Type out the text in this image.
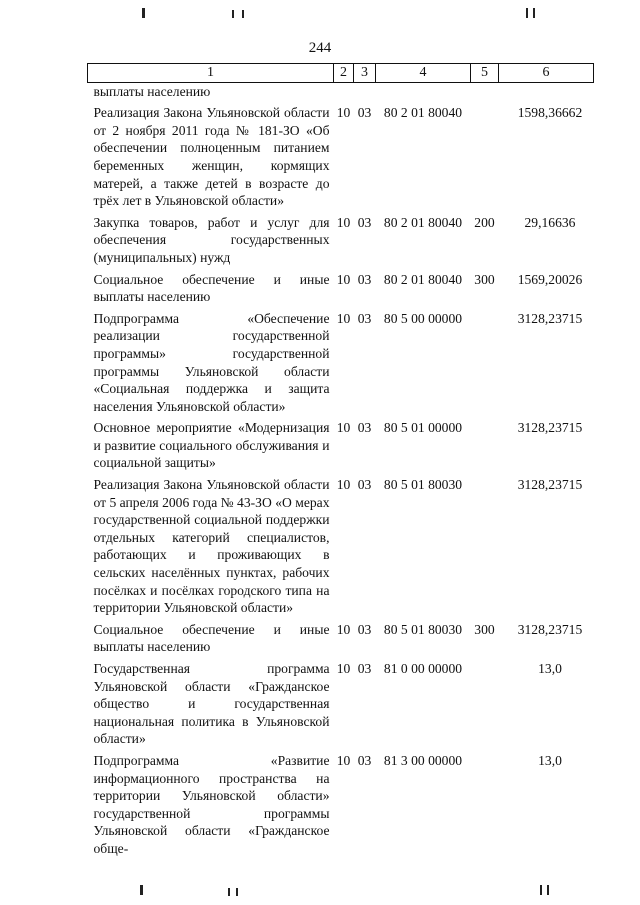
244
1	2	3	4	5	6
выплаты населению					
Реализация Закона Ульяновской области от 2 ноября 2011 года № 181-ЗО «Об обеспечении полноценным питанием беременных женщин, кормящих матерей, а также детей в возрасте до трёх лет в Ульяновской области»	10	03	80 2 01 80040		1598,36662
Закупка товаров, работ и услуг для обеспечения государственных (муниципальных) нужд	10	03	80 2 01 80040	200	29,16636
Социальное обеспечение и иные выплаты населению	10	03	80 2 01 80040	300	1569,20026
Подпрограмма «Обеспечение реализации государственной программы» государственной программы Ульяновской области «Социальная поддержка и защита населения Ульяновской области»	10	03	80 5 00 00000		3128,23715
Основное мероприятие «Модернизация и развитие социального обслуживания и социальной защиты»	10	03	80 5 01 00000		3128,23715
Реализация Закона Ульяновской области от 5 апреля 2006 года № 43-ЗО «О мерах государственной социальной поддержки отдельных категорий специалистов, работающих и проживающих в сельских населённых пунктах, рабочих посёлках и посёлках городского типа на территории Ульяновской области»	10	03	80 5 01 80030		3128,23715
Социальное обеспечение и иные выплаты населению	10	03	80 5 01 80030	300	3128,23715
Государственная программа Ульяновской области «Гражданское общество и государственная национальная политика в Ульяновской области»	10	03	81 0 00 00000		13,0
Подпрограмма «Развитие информационного пространства на территории Ульяновской области» государственной программы Ульяновской области «Гражданское обще-	10	03	81 3 00 00000		13,0
